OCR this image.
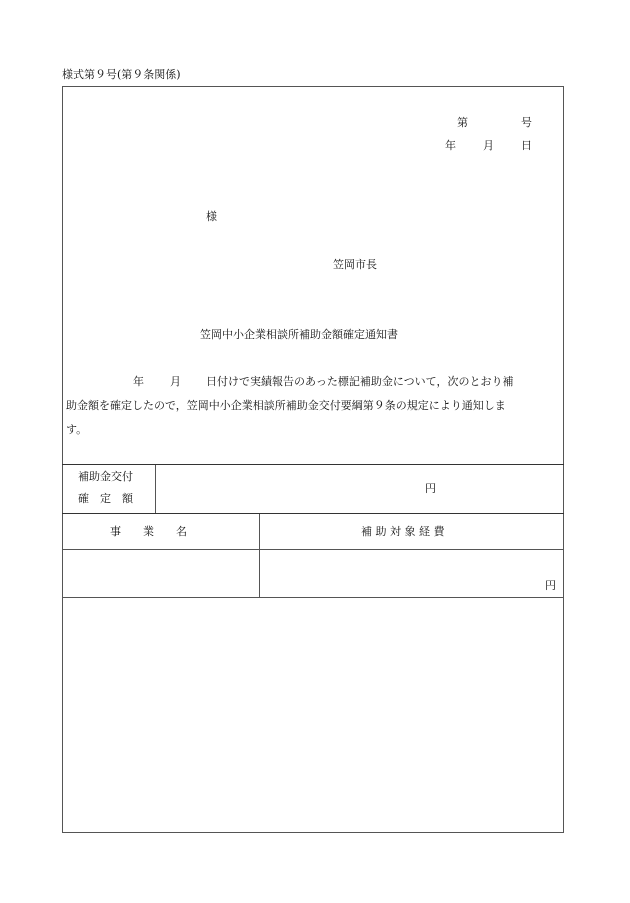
様式第９号(第９条関係)
第	号
年 月 日
様
笠岡市長
笠岡中小企業相談所補助金額確定通知書
年 月 日付けで実績報告のあった標記補助金について，次のとおり補
助金額を確定したので，笠岡中小企業相談所補助金交付要綱第９条の規定により通知しま
す。
補助金交付
確　定　額
円
事　　業　　名	補 助 対 象 経 費
円
